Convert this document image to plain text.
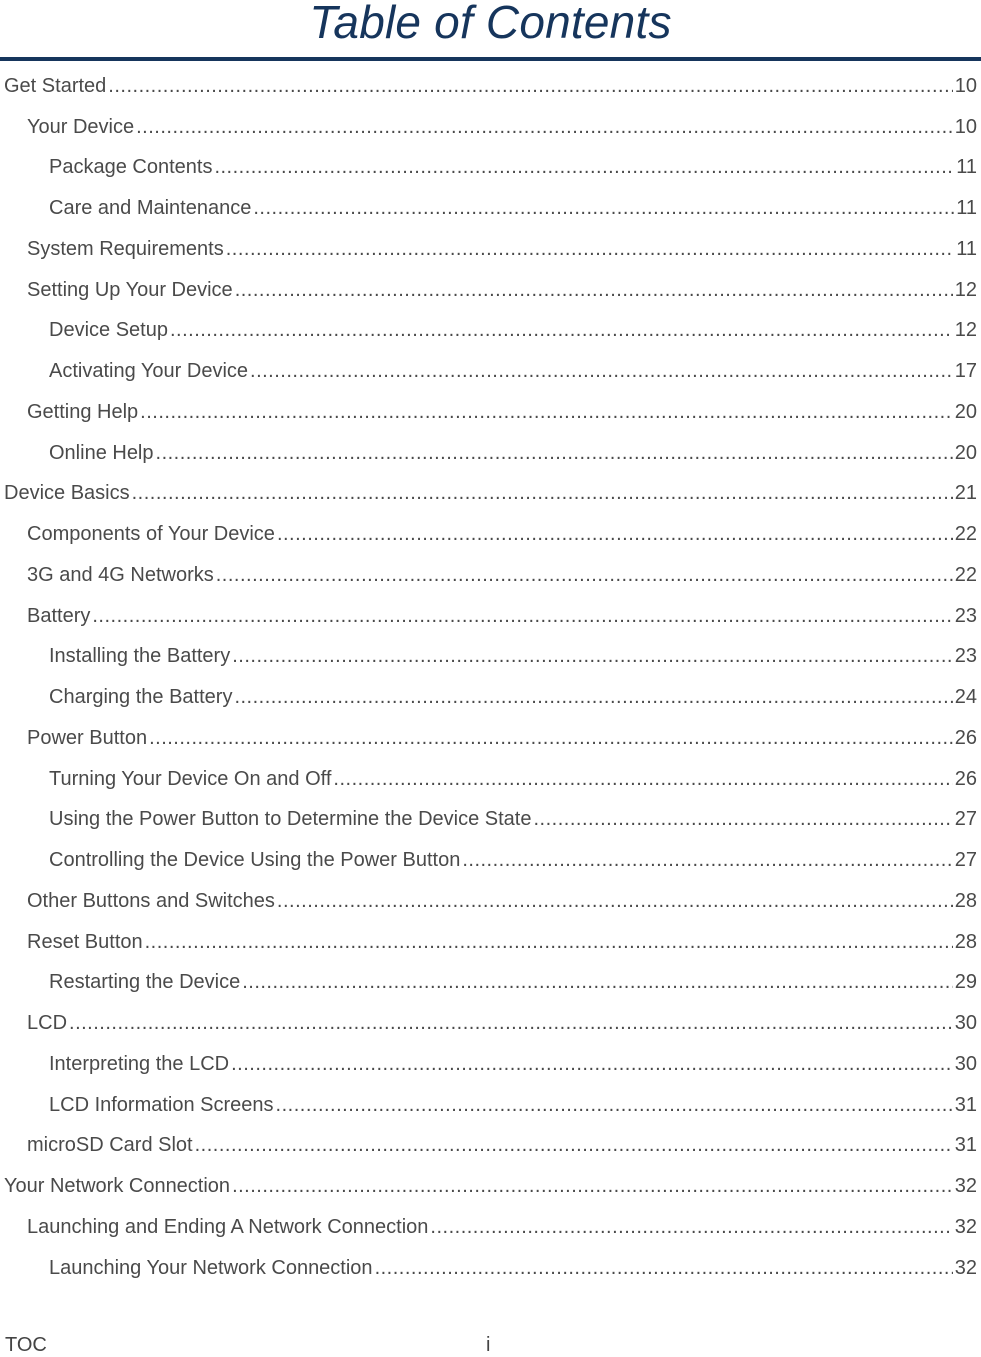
Table of Contents
Get Started .....	10
Your Device .....	10
Package Contents .....	11
Care and Maintenance .....	11
System Requirements .....	11
Setting Up Your Device .....	12
Device Setup .....	12
Activating Your Device .....	17
Getting Help .....	20
Online Help .....	20
Device Basics .....	21
Components of Your Device .....	22
3G and 4G Networks .....	22
Battery .....	23
Installing the Battery .....	23
Charging the Battery .....	24
Power Button .....	26
Turning Your Device On and Off .....	26
Using the Power Button to Determine the Device State .....	27
Controlling the Device Using the Power Button .....	27
Other Buttons and Switches .....	28
Reset Button .....	28
Restarting the Device .....	29
LCD .....	30
Interpreting the LCD .....	30
LCD Information Screens .....	31
microSD Card Slot .....	31
Your Network Connection .....	32
Launching and Ending A Network Connection .....	32
Launching Your Network Connection .....	32
TOC	i
